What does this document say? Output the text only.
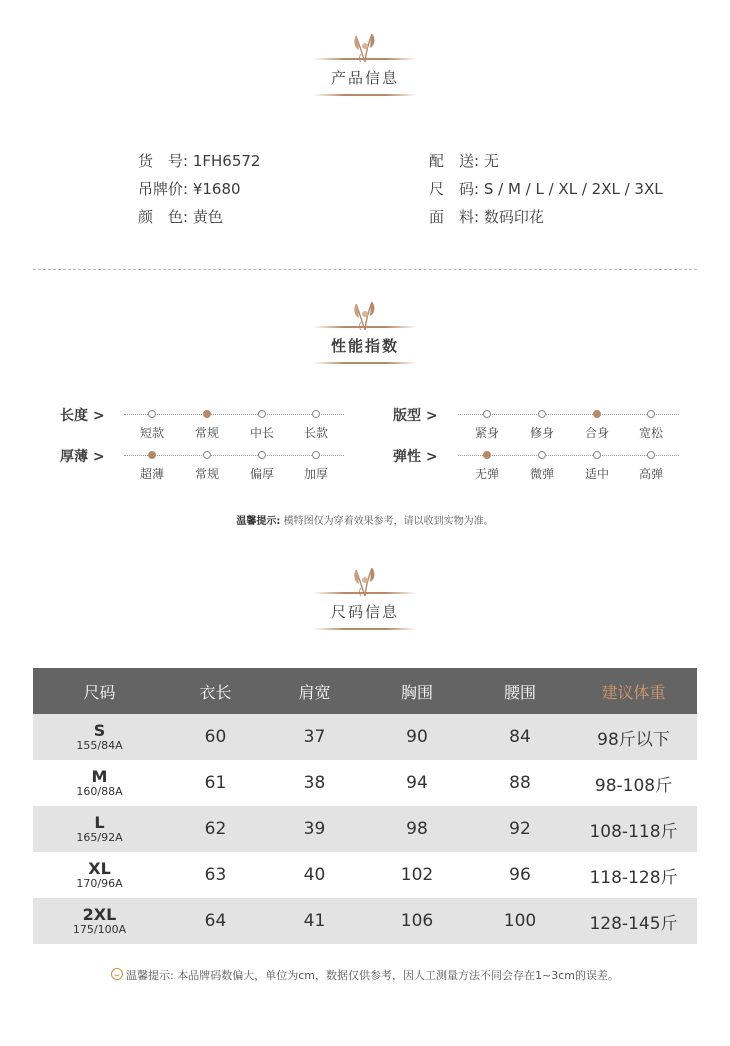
产品信息
货　号: 1FH6572
吊牌价: ¥1680
颜　色: 黄色
配　送: 无
尺　码: S / M / L / XL / 2XL / 3XL
面　料: 数码印花
性能指数
长度 >
短款	常规	中长 长款
版型 >
紧身	修身	合身 宽松
厚薄 >
超薄	常规	偏厚 加厚
弹性 >
无弹	微弹	适中 高弹
温馨提示: 模特图仅为穿着效果参考，请以收到实物为准。
尺码信息
尺码	衣长	肩宽	胸围	腰围	建议体重

S
155/84A	60	37	90	84	98斤以下

M
160/88A	61	38	94	88	98-108斤

L
165/92A	62	39	98	92	108-118斤

XL
170/96A	63	40	102	96	118-128斤

2XL
175/100A	64	41	106	100	128-145斤
温馨提示: 本品牌码数偏大，单位为cm，数据仅供参考，因人工测量方法不同会存在1~3cm的误差。
